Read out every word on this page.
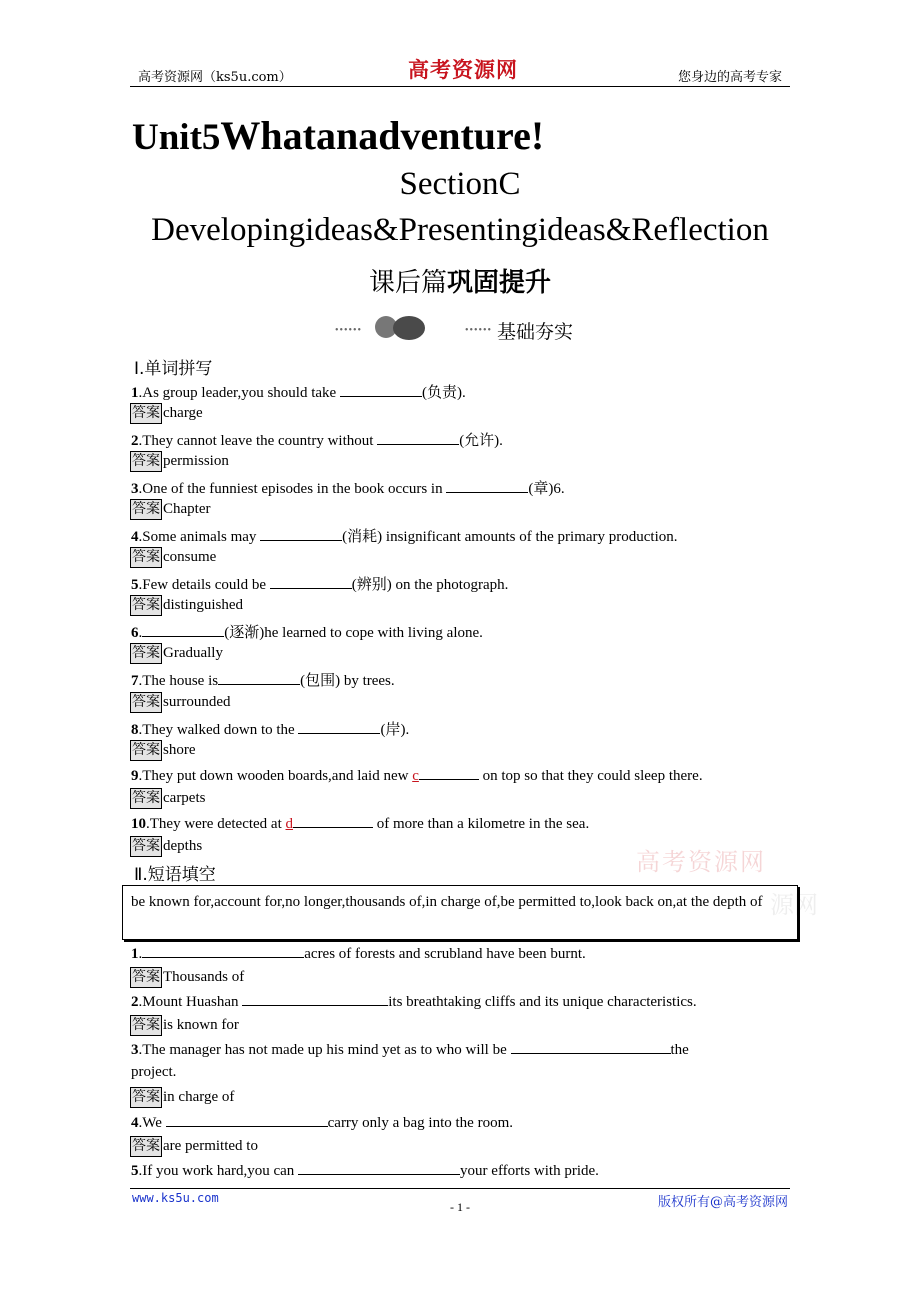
高考资源网（ks5u.com）	高考资源网	您身边的高考专家
Unit5Whatanadventure!
SectionC
Developingideas&Presentingideas&Reflection
课后篇巩固提升
••••••	•••••• 基础夯实
Ⅰ.单词拼写
1.As group leader,you should take	(负责).
答案 charge
2.They cannot leave the country without	(允许).
答案 permission
3.One of the funniest episodes in the book occurs in	(章)6.
答案 Chapter
4.Some animals may	(消耗) insignificant amounts of the primary production.
答案 consume
5.Few details could be	(辨别) on the photograph.
答案 distinguished
6.	(逐渐)he learned to cope with living alone.
答案 Gradually
7.The house is	(包围) by trees.
答案 surrounded
8.They walked down to the	(岸).
答案 shore
9.They put down wooden boards,and laid new c	on top so that they could sleep there.
答案 carpets
10.They were detected at d	of more than a kilometre in the sea.
答案 depths
高考资源网
源网
Ⅱ.短语填空
be known for,account for,no longer,thousands of,in charge of,be permitted to,look back on,at the depth of
1.	acres of forests and scrubland have been burnt.
答案 Thousands of
2.Mount Huashan	its breathtaking cliffs and its unique characteristics.
答案 is known for
3.The manager has not made up his mind yet as to who will be	the
project.
答案 in charge of
4.We	carry only a bag into the room.
答案 are permitted to
5.If you work hard,you can	your efforts with pride.
www.ks5u.com	版权所有@高考资源网
- 1 -
